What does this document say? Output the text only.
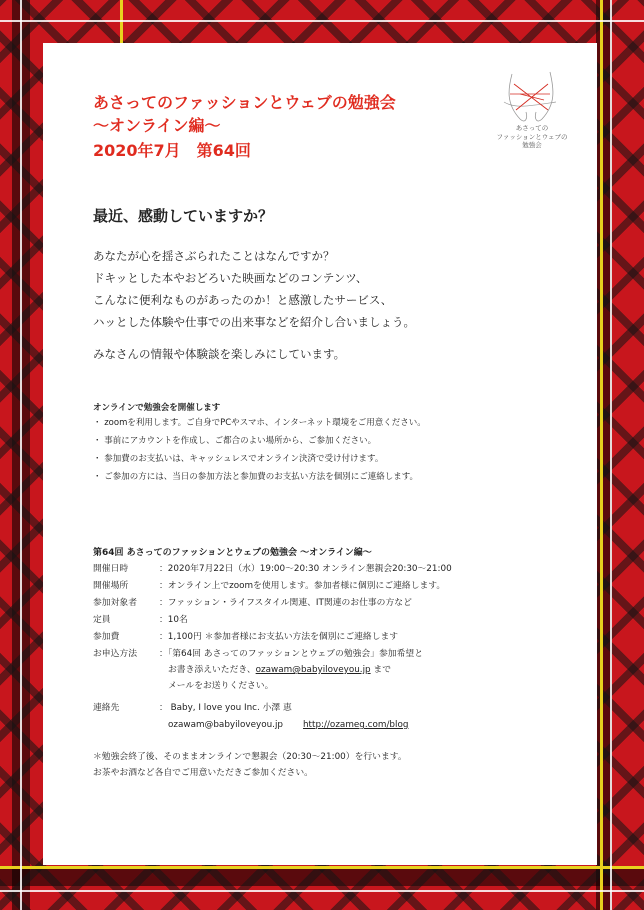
あさってのファッションとウェブの勉強会

〜オンライン編〜

2020年7月　第64回

あさっての
ファッションとウェブの
勉強会
最近、感動していますか？
あなたが心を揺さぶられたことはなんですか？
ドキッとした本やおどろいた映画などのコンテンツ、
こんなに便利なものがあったのか！と感激したサービス、
ハッとした体験や仕事での出来事などを紹介し合いましょう。
みなさんの情報や体験談を楽しみにしています。
オンラインで勉強会を開催します
・ zoomを利用します。ご自身でPCやスマホ、インターネット環境をご用意ください。
・ 事前にアカウントを作成し、ご都合のよい場所から、ご参加ください。
・ 参加費のお支払いは、キャッシュレスでオンライン決済で受け付けます。
・ ご参加の方には、当日の参加方法と参加費のお支払い方法を個別にご連絡します。
第64回 あさってのファッションとウェブの勉強会 〜オンライン編〜
開催日時	：2020年7月22日（水）19:00〜20:30 オンライン懇親会20:30〜21:00
開催場所	：オンライン上でzoomを使用します。参加者様に個別にご連絡します。
参加対象者	：ファッション・ライフスタイル関連、IT関連のお仕事の方など
定員	：10名
参加費	：1,100円 ＊参加者様にお支払い方法を個別にご連絡します
お申込方法	：「第64回 あさってのファッションとウェブの勉強会」参加希望と
お書き添えいただき、ozawam@babyiloveyou.jp まで
メールをお送りください。
連絡先	： Baby, I love you Inc. 小澤 恵
ozawam@babyiloveyou.jp http://ozameg.com/blog
＊勉強会終了後、そのままオンラインで懇親会（20:30〜21:00）を行います。
お茶やお酒など各自でご用意いただきご参加ください。
